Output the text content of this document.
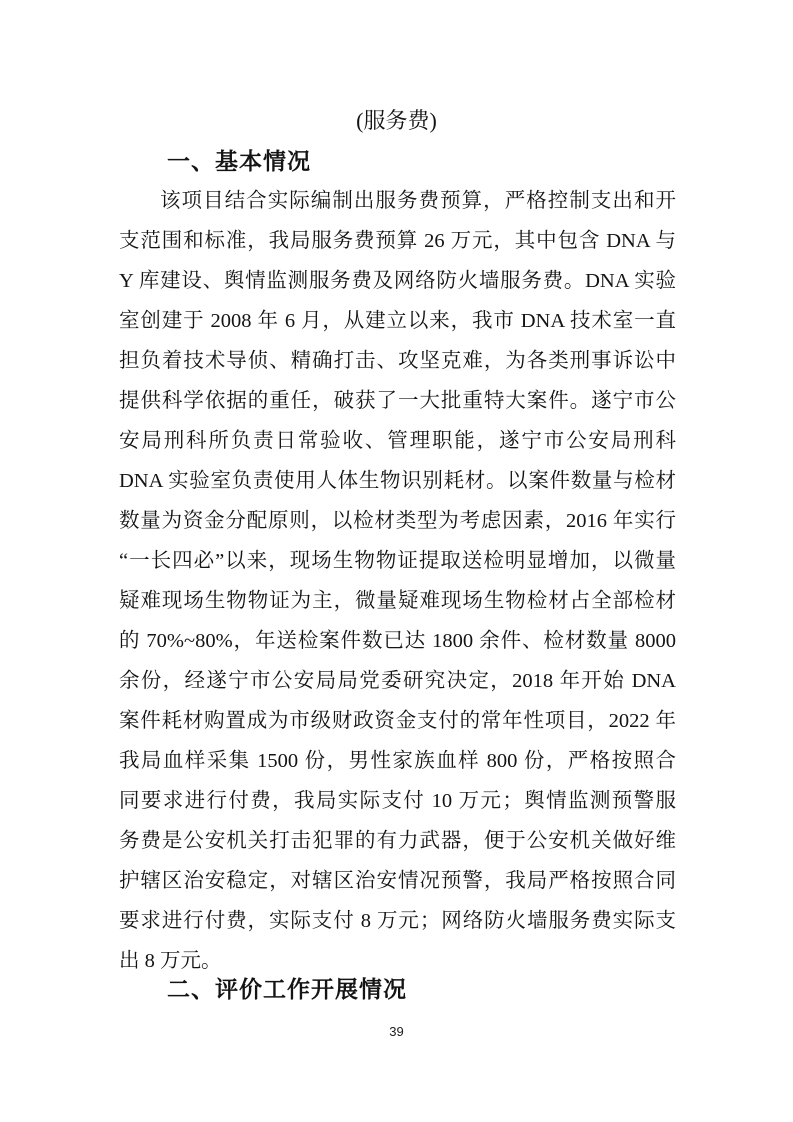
(服务费)
一、基本情况
该项目结合实际编制出服务费预算，严格控制支出和开
支范围和标准，我局服务费预算 26 万元，其中包含 DNA 与
Y 库建设、舆情监测服务费及网络防火墙服务费。DNA 实验
室创建于 2008 年 6 月，从建立以来，我市 DNA 技术室一直
担负着技术导侦、精确打击、攻坚克难，为各类刑事诉讼中
提供科学依据的重任，破获了一大批重特大案件。遂宁市公
安局刑科所负责日常验收、管理职能，遂宁市公安局刑科
DNA 实验室负责使用人体生物识别耗材。以案件数量与检材
数量为资金分配原则，以检材类型为考虑因素，2016 年实行
“一长四必”以来，现场生物物证提取送检明显增加，以微量
疑难现场生物物证为主，微量疑难现场生物检材占全部检材
的 70%~80%，年送检案件数已达 1800 余件、检材数量 8000
余份，经遂宁市公安局局党委研究决定，2018 年开始 DNA
案件耗材购置成为市级财政资金支付的常年性项目，2022 年
我局血样采集 1500 份，男性家族血样 800 份，严格按照合
同要求进行付费，我局实际支付 10 万元；舆情监测预警服
务费是公安机关打击犯罪的有力武器，便于公安机关做好维
护辖区治安稳定，对辖区治安情况预警，我局严格按照合同
要求进行付费，实际支付 8 万元；网络防火墙服务费实际支
出 8 万元。
二、评价工作开展情况
39
